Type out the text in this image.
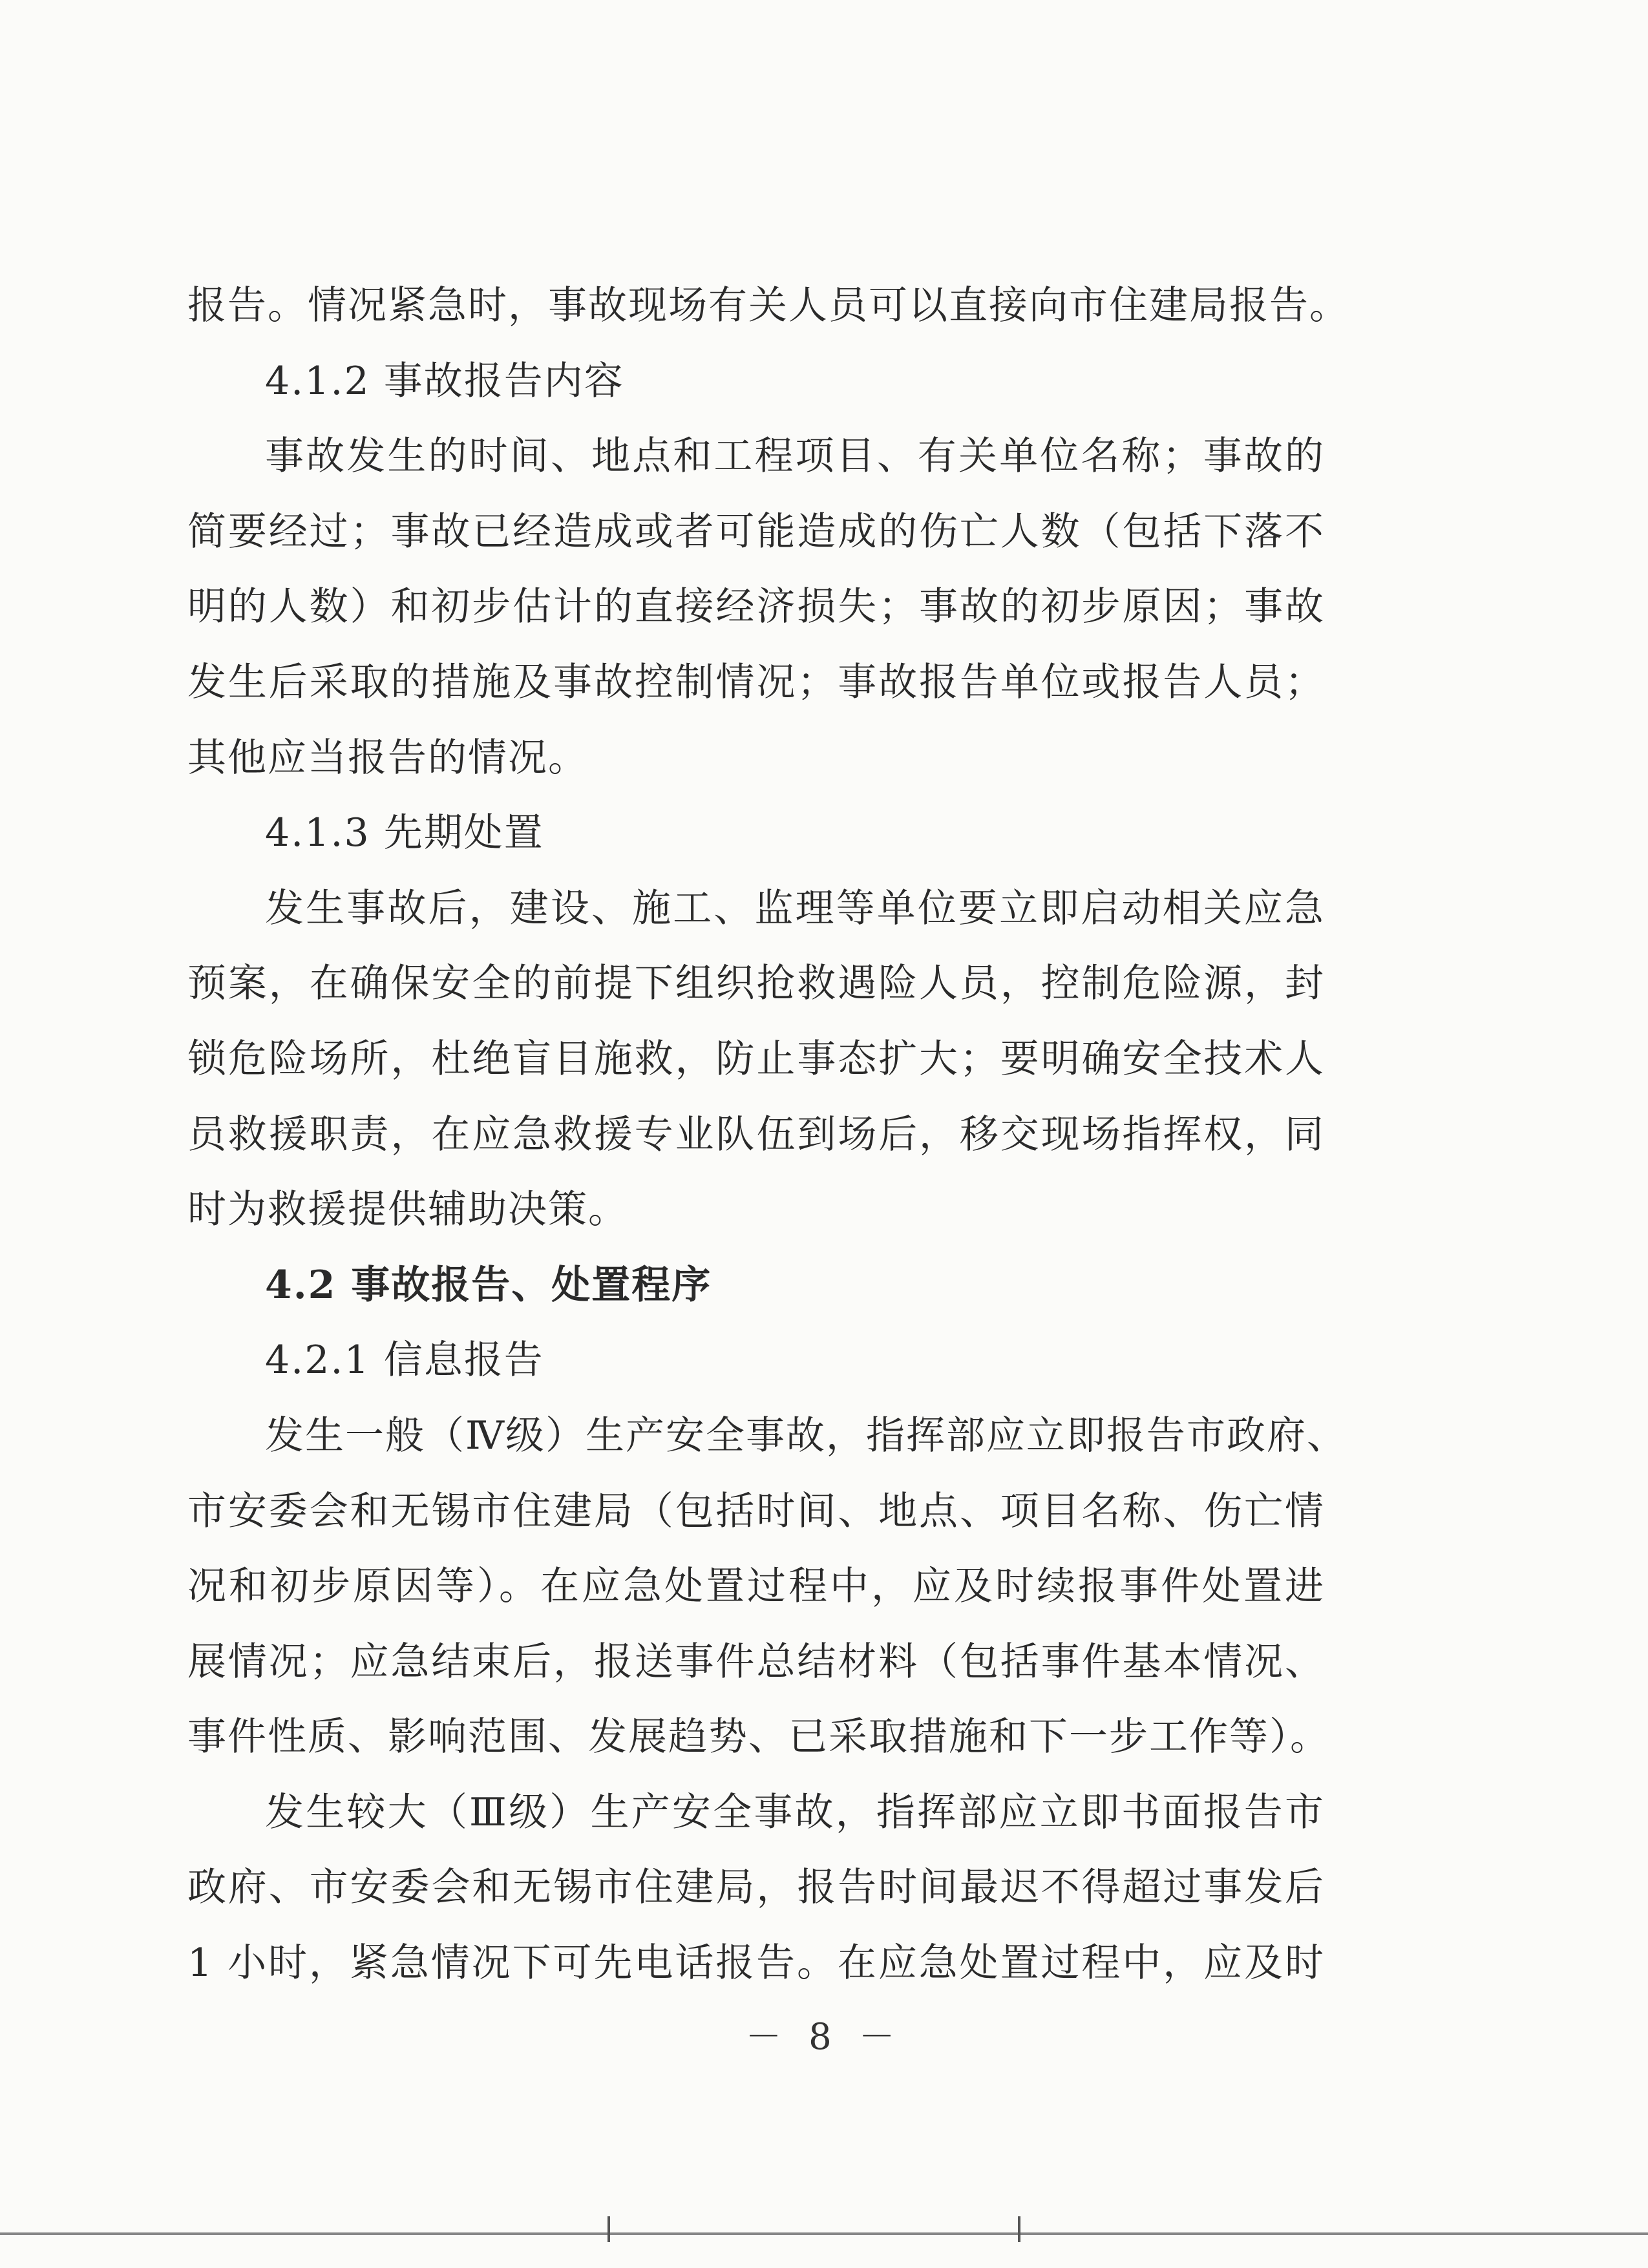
报告。情况紧急时，事故现场有关人员可以直接向市住建局报告。
4.1.2 事故报告内容
事故发生的时间、地点和工程项目、有关单位名称；事故的
简要经过；事故已经造成或者可能造成的伤亡人数（包括下落不
明的人数）和初步估计的直接经济损失；事故的初步原因；事故
发生后采取的措施及事故控制情况；事故报告单位或报告人员；
其他应当报告的情况。
4.1.3 先期处置
发生事故后，建设、施工、监理等单位要立即启动相关应急
预案，在确保安全的前提下组织抢救遇险人员，控制危险源，封
锁危险场所，杜绝盲目施救，防止事态扩大；要明确安全技术人
员救援职责，在应急救援专业队伍到场后，移交现场指挥权，同
时为救援提供辅助决策。
4.2 事故报告、处置程序
4.2.1 信息报告
发生一般（Ⅳ级）生产安全事故，指挥部应立即报告市政府、
市安委会和无锡市住建局（包括时间、地点、项目名称、伤亡情
况和初步原因等）。在应急处置过程中，应及时续报事件处置进
展情况；应急结束后，报送事件总结材料（包括事件基本情况、
事件性质、影响范围、发展趋势、已采取措施和下一步工作等）。
发生较大（Ⅲ级）生产安全事故，指挥部应立即书面报告市
政府、市安委会和无锡市住建局，报告时间最迟不得超过事发后
1 小时，紧急情况下可先电话报告。在应急处置过程中，应及时
－ 8 －
